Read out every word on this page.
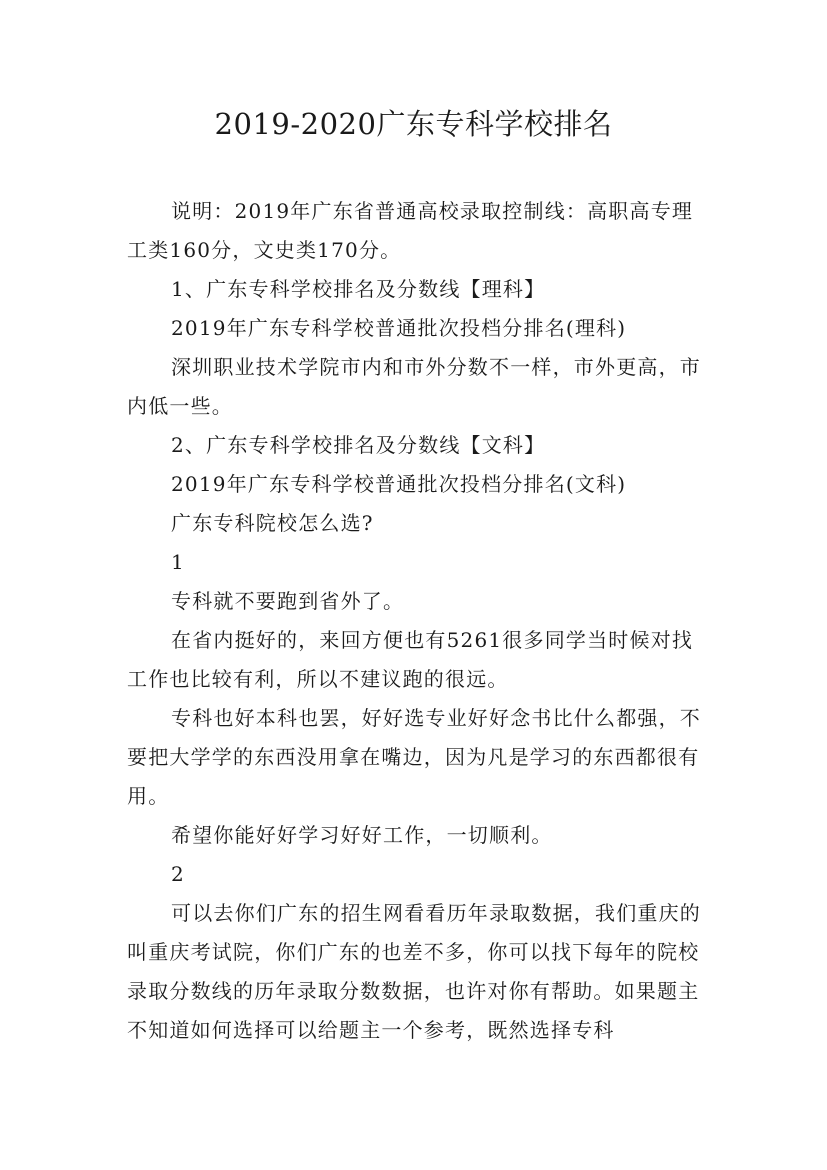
2019-2020广东专科学校排名

说明：2019年广东省普通高校录取控制线：高职高专理工类160分，文史类170分。

1、广东专科学校排名及分数线【理科】

2019年广东专科学校普通批次投档分排名(理科)

深圳职业技术学院市内和市外分数不一样，市外更高，市内低一些。

2、广东专科学校排名及分数线【文科】

2019年广东专科学校普通批次投档分排名(文科)

广东专科院校怎么选?

1

专科就不要跑到省外了。

在省内挺好的，来回方便也有5261很多同学当时候对找工作也比较有利，所以不建议跑的很远。

专科也好本科也罢，好好选专业好好念书比什么都强，不要把大学学的东西没用拿在嘴边，因为凡是学习的东西都很有用。

希望你能好好学习好好工作，一切顺利。

2

可以去你们广东的招生网看看历年录取数据，我们重庆的叫重庆考试院，你们广东的也差不多，你可以找下每年的院校录取分数线的历年录取分数数据，也许对你有帮助。如果题主不知道如何选择可以给题主一个参考，既然选择专科
